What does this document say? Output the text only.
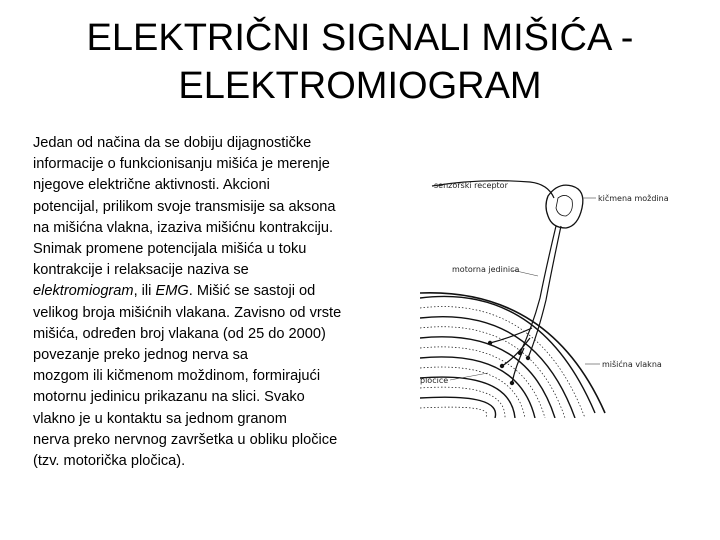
ELEKTRIČNI SIGNALI MIŠIĆA -
ELEKTROMIOGRAM
Jedan od načina da se dobiju dijagnostičke
informacije o funkcionisanju mišića je merenje
njegove električne aktivnosti. Akcioni
potencijal, prilikom svoje transmisije sa aksona
na mišićna vlakna, izaziva mišićnu kontrakciju.
Snimak promene potencijala mišića u toku
kontrakcije i relaksacije naziva se
elektromiogram, ili EMG. Mišić se sastoji od
velikog broja mišićnih vlakana. Zavisno od vrste
mišića, određen broj vlakana (od 25 do 2000)
povezanje preko jednog nerva sa
mozgom ili kičmenom moždinom, formirajući
motornu jedinicu prikazanu na slici. Svako
vlakno je u kontaktu sa jednom granom
nerva preko nervnog završetka u obliku pločice
(tzv. motorička pločica).
senzorski receptor
kičmena moždina
motorna jedinica
mišićna vlakna
pločice
